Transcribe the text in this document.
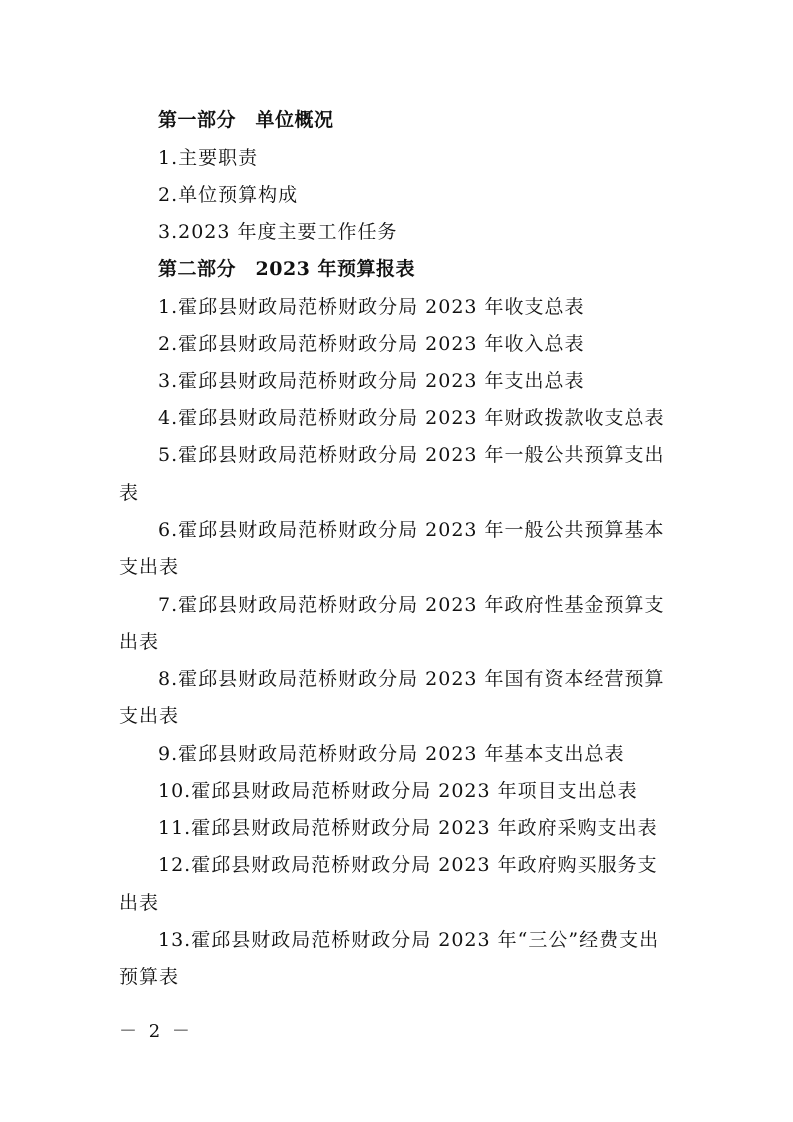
第一部分　单位概况
1.主要职责
2.单位预算构成
3.2023 年度主要工作任务
第二部分　2023 年预算报表
1.霍邱县财政局范桥财政分局 2023 年收支总表
2.霍邱县财政局范桥财政分局 2023 年收入总表
3.霍邱县财政局范桥财政分局 2023 年支出总表
4.霍邱县财政局范桥财政分局 2023 年财政拨款收支总表
5.霍邱县财政局范桥财政分局 2023 年一般公共预算支出
表
6.霍邱县财政局范桥财政分局 2023 年一般公共预算基本
支出表
7.霍邱县财政局范桥财政分局 2023 年政府性基金预算支
出表
8.霍邱县财政局范桥财政分局 2023 年国有资本经营预算
支出表
9.霍邱县财政局范桥财政分局 2023 年基本支出总表
10.霍邱县财政局范桥财政分局 2023 年项目支出总表
11.霍邱县财政局范桥财政分局 2023 年政府采购支出表
12.霍邱县财政局范桥财政分局 2023 年政府购买服务支
出表
13.霍邱县财政局范桥财政分局 2023 年“三公”经费支出
预算表
－ 2 －
